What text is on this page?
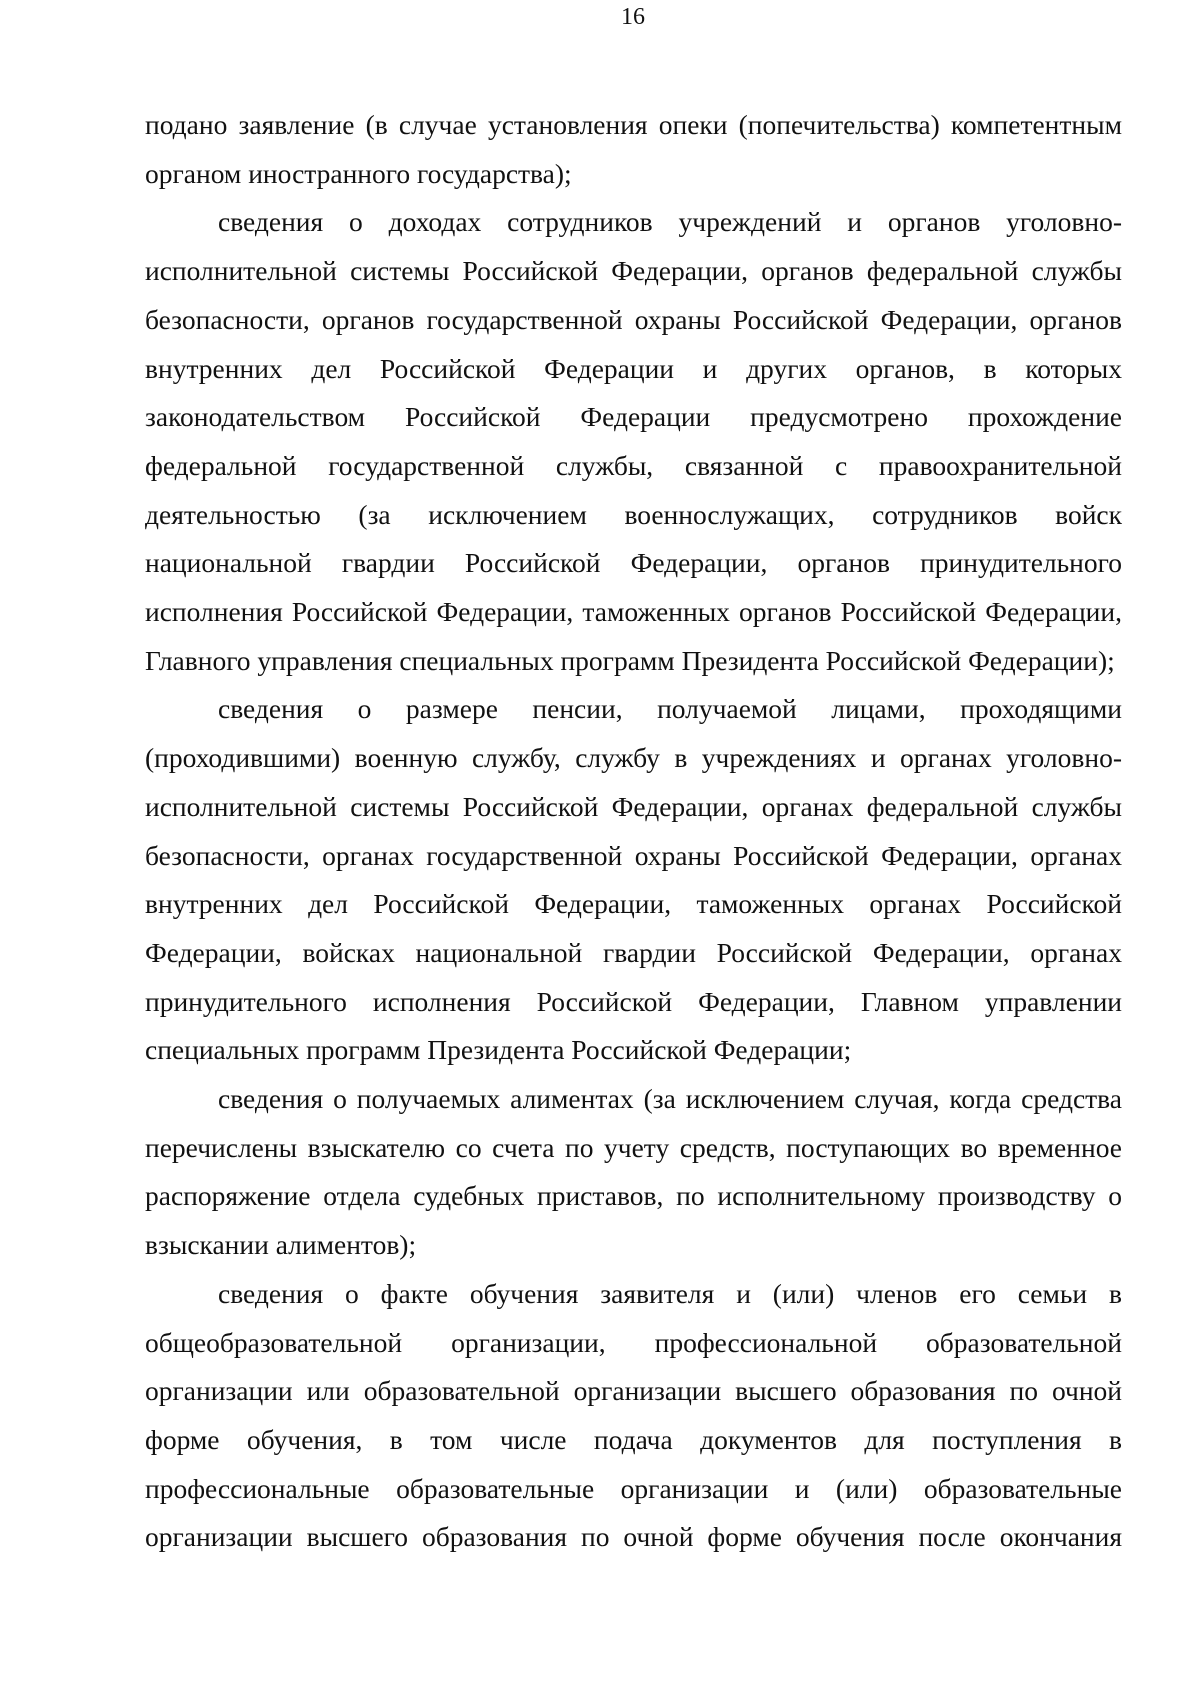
16

подано заявление (в случае установления опеки (попечительства) компетентным органом иностранного государства);

сведения о доходах сотрудников учреждений и органов уголовно-исполнительной системы Российской Федерации, органов федеральной службы безопасности, органов государственной охраны Российской Федерации, органов внутренних дел Российской Федерации и других органов, в которых законодательством Российской Федерации предусмотрено прохождение федеральной государственной службы, связанной с правоохранительной деятельностью (за исключением военнослужащих, сотрудников войск национальной гвардии Российской Федерации, органов принудительного исполнения Российской Федерации, таможенных органов Российской Федерации, Главного управления специальных программ Президента Российской Федерации);

сведения о размере пенсии, получаемой лицами, проходящими (проходившими) военную службу, службу в учреждениях и органах уголовно-исполнительной системы Российской Федерации, органах федеральной службы безопасности, органах государственной охраны Российской Федерации, органах внутренних дел Российской Федерации, таможенных органах Российской Федерации, войсках национальной гвардии Российской Федерации, органах принудительного исполнения Российской Федерации, Главном управлении специальных программ Президента Российской Федерации;

сведения о получаемых алиментах (за исключением случая, когда средства перечислены взыскателю со счета по учету средств, поступающих во временное распоряжение отдела судебных приставов, по исполнительному производству о взыскании алиментов);

сведения о факте обучения заявителя и (или) членов его семьи в общеобразовательной организации, профессиональной образовательной организации или образовательной организации высшего образования по очной форме обучения, в том числе подача документов для поступления в профессиональные образовательные организации и (или) образовательные организации высшего образования по очной форме обучения после окончания
